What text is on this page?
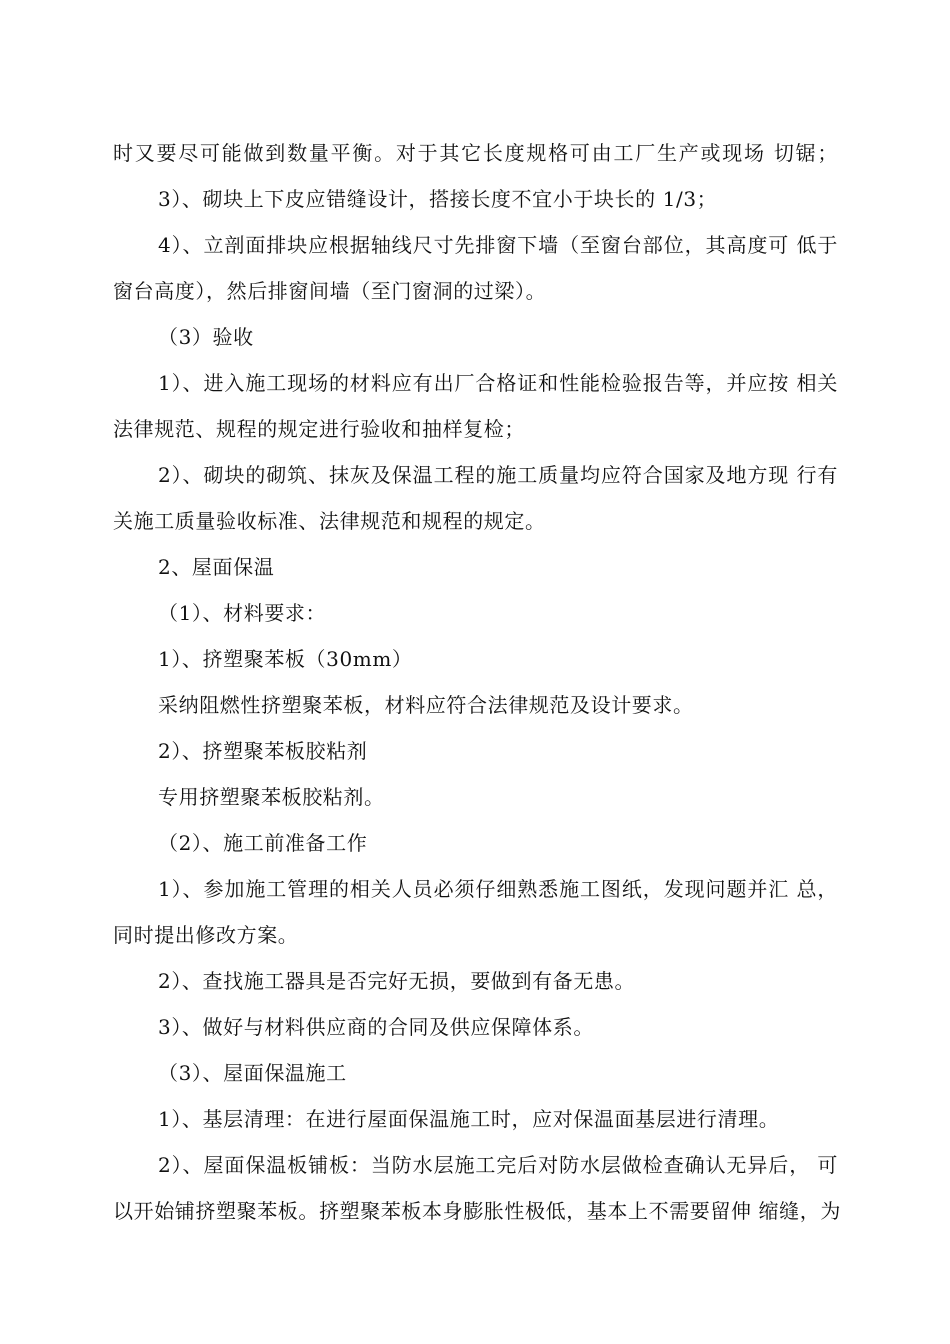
时又要尽可能做到数量平衡。对于其它长度规格可由工厂生产或现场 切锯；
3）、砌块上下皮应错缝设计，搭接长度不宜小于块长的 1/3；
4）、立剖面排块应根据轴线尺寸先排窗下墙（至窗台部位，其高度可 低于
窗台高度），然后排窗间墙（至门窗洞的过梁）。
（3）验收
1）、进入施工现场的材料应有出厂合格证和性能检验报告等，并应按 相关
法律规范、规程的规定进行验收和抽样复检；
2）、砌块的砌筑、抹灰及保温工程的施工质量均应符合国家及地方现 行有
关施工质量验收标准、法律规范和规程的规定。
2、屋面保温
（1）、材料要求：
1）、挤塑聚苯板（30mm）
采纳阻燃性挤塑聚苯板，材料应符合法律规范及设计要求。
2）、挤塑聚苯板胶粘剂
专用挤塑聚苯板胶粘剂。
（2）、施工前准备工作
1）、参加施工管理的相关人员必须仔细熟悉施工图纸，发现问题并汇 总，
同时提出修改方案。
2）、查找施工器具是否完好无损，要做到有备无患。
3）、做好与材料供应商的合同及供应保障体系。
（3）、屋面保温施工
1）、基层清理：在进行屋面保温施工时，应对保温面基层进行清理。
2）、屋面保温板铺板：当防水层施工完后对防水层做检查确认无异后， 可
以开始铺挤塑聚苯板。挤塑聚苯板本身膨胀性极低，基本上不需要留伸 缩缝，为
